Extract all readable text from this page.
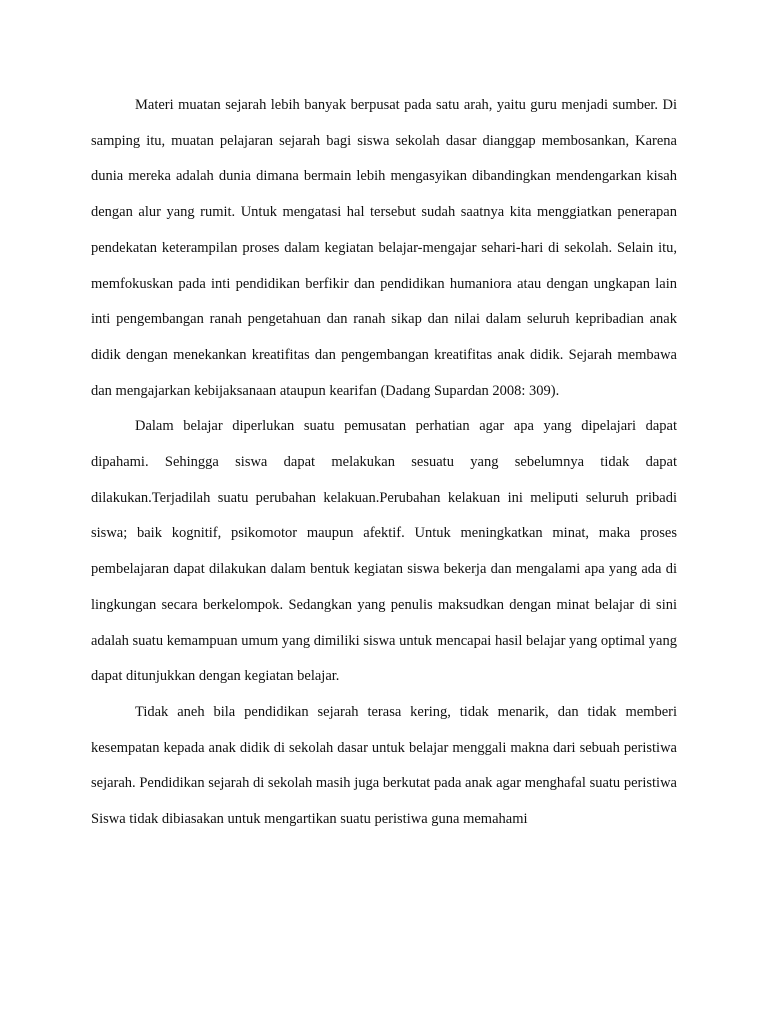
Materi muatan sejarah lebih banyak berpusat pada satu arah, yaitu guru menjadi sumber. Di samping itu, muatan pelajaran sejarah bagi siswa sekolah dasar dianggap membosankan, Karena dunia mereka adalah dunia dimana bermain lebih mengasyikan dibandingkan mendengarkan kisah dengan alur yang rumit. Untuk mengatasi hal tersebut sudah saatnya kita menggiatkan penerapan pendekatan keterampilan proses dalam kegiatan belajar-mengajar sehari-hari di sekolah. Selain itu, memfokuskan pada inti pendidikan berfikir dan pendidikan humaniora atau dengan ungkapan lain inti pengembangan ranah pengetahuan dan ranah sikap dan nilai dalam seluruh kepribadian anak didik dengan menekankan kreatifitas dan pengembangan kreatifitas anak didik. Sejarah membawa dan mengajarkan kebijaksanaan ataupun kearifan (Dadang Supardan 2008: 309).

Dalam belajar diperlukan suatu pemusatan perhatian agar apa yang dipelajari dapat dipahami. Sehingga siswa dapat melakukan sesuatu yang sebelumnya tidak dapat dilakukan.Terjadilah suatu perubahan kelakuan.Perubahan kelakuan ini meliputi seluruh pribadi siswa; baik kognitif, psikomotor maupun afektif. Untuk meningkatkan minat, maka proses pembelajaran dapat dilakukan dalam bentuk kegiatan siswa bekerja dan mengalami apa yang ada di lingkungan secara berkelompok. Sedangkan yang penulis maksudkan dengan minat belajar di sini adalah suatu kemampuan umum yang dimiliki siswa untuk mencapai hasil belajar yang optimal yang dapat ditunjukkan dengan kegiatan belajar.

Tidak aneh bila pendidikan sejarah terasa kering, tidak menarik, dan tidak memberi kesempatan kepada anak didik di sekolah dasar untuk belajar menggali makna dari sebuah peristiwa sejarah. Pendidikan sejarah di sekolah masih juga berkutat pada anak agar menghafal suatu peristiwa Siswa tidak dibiasakan untuk mengartikan suatu peristiwa guna memahami
